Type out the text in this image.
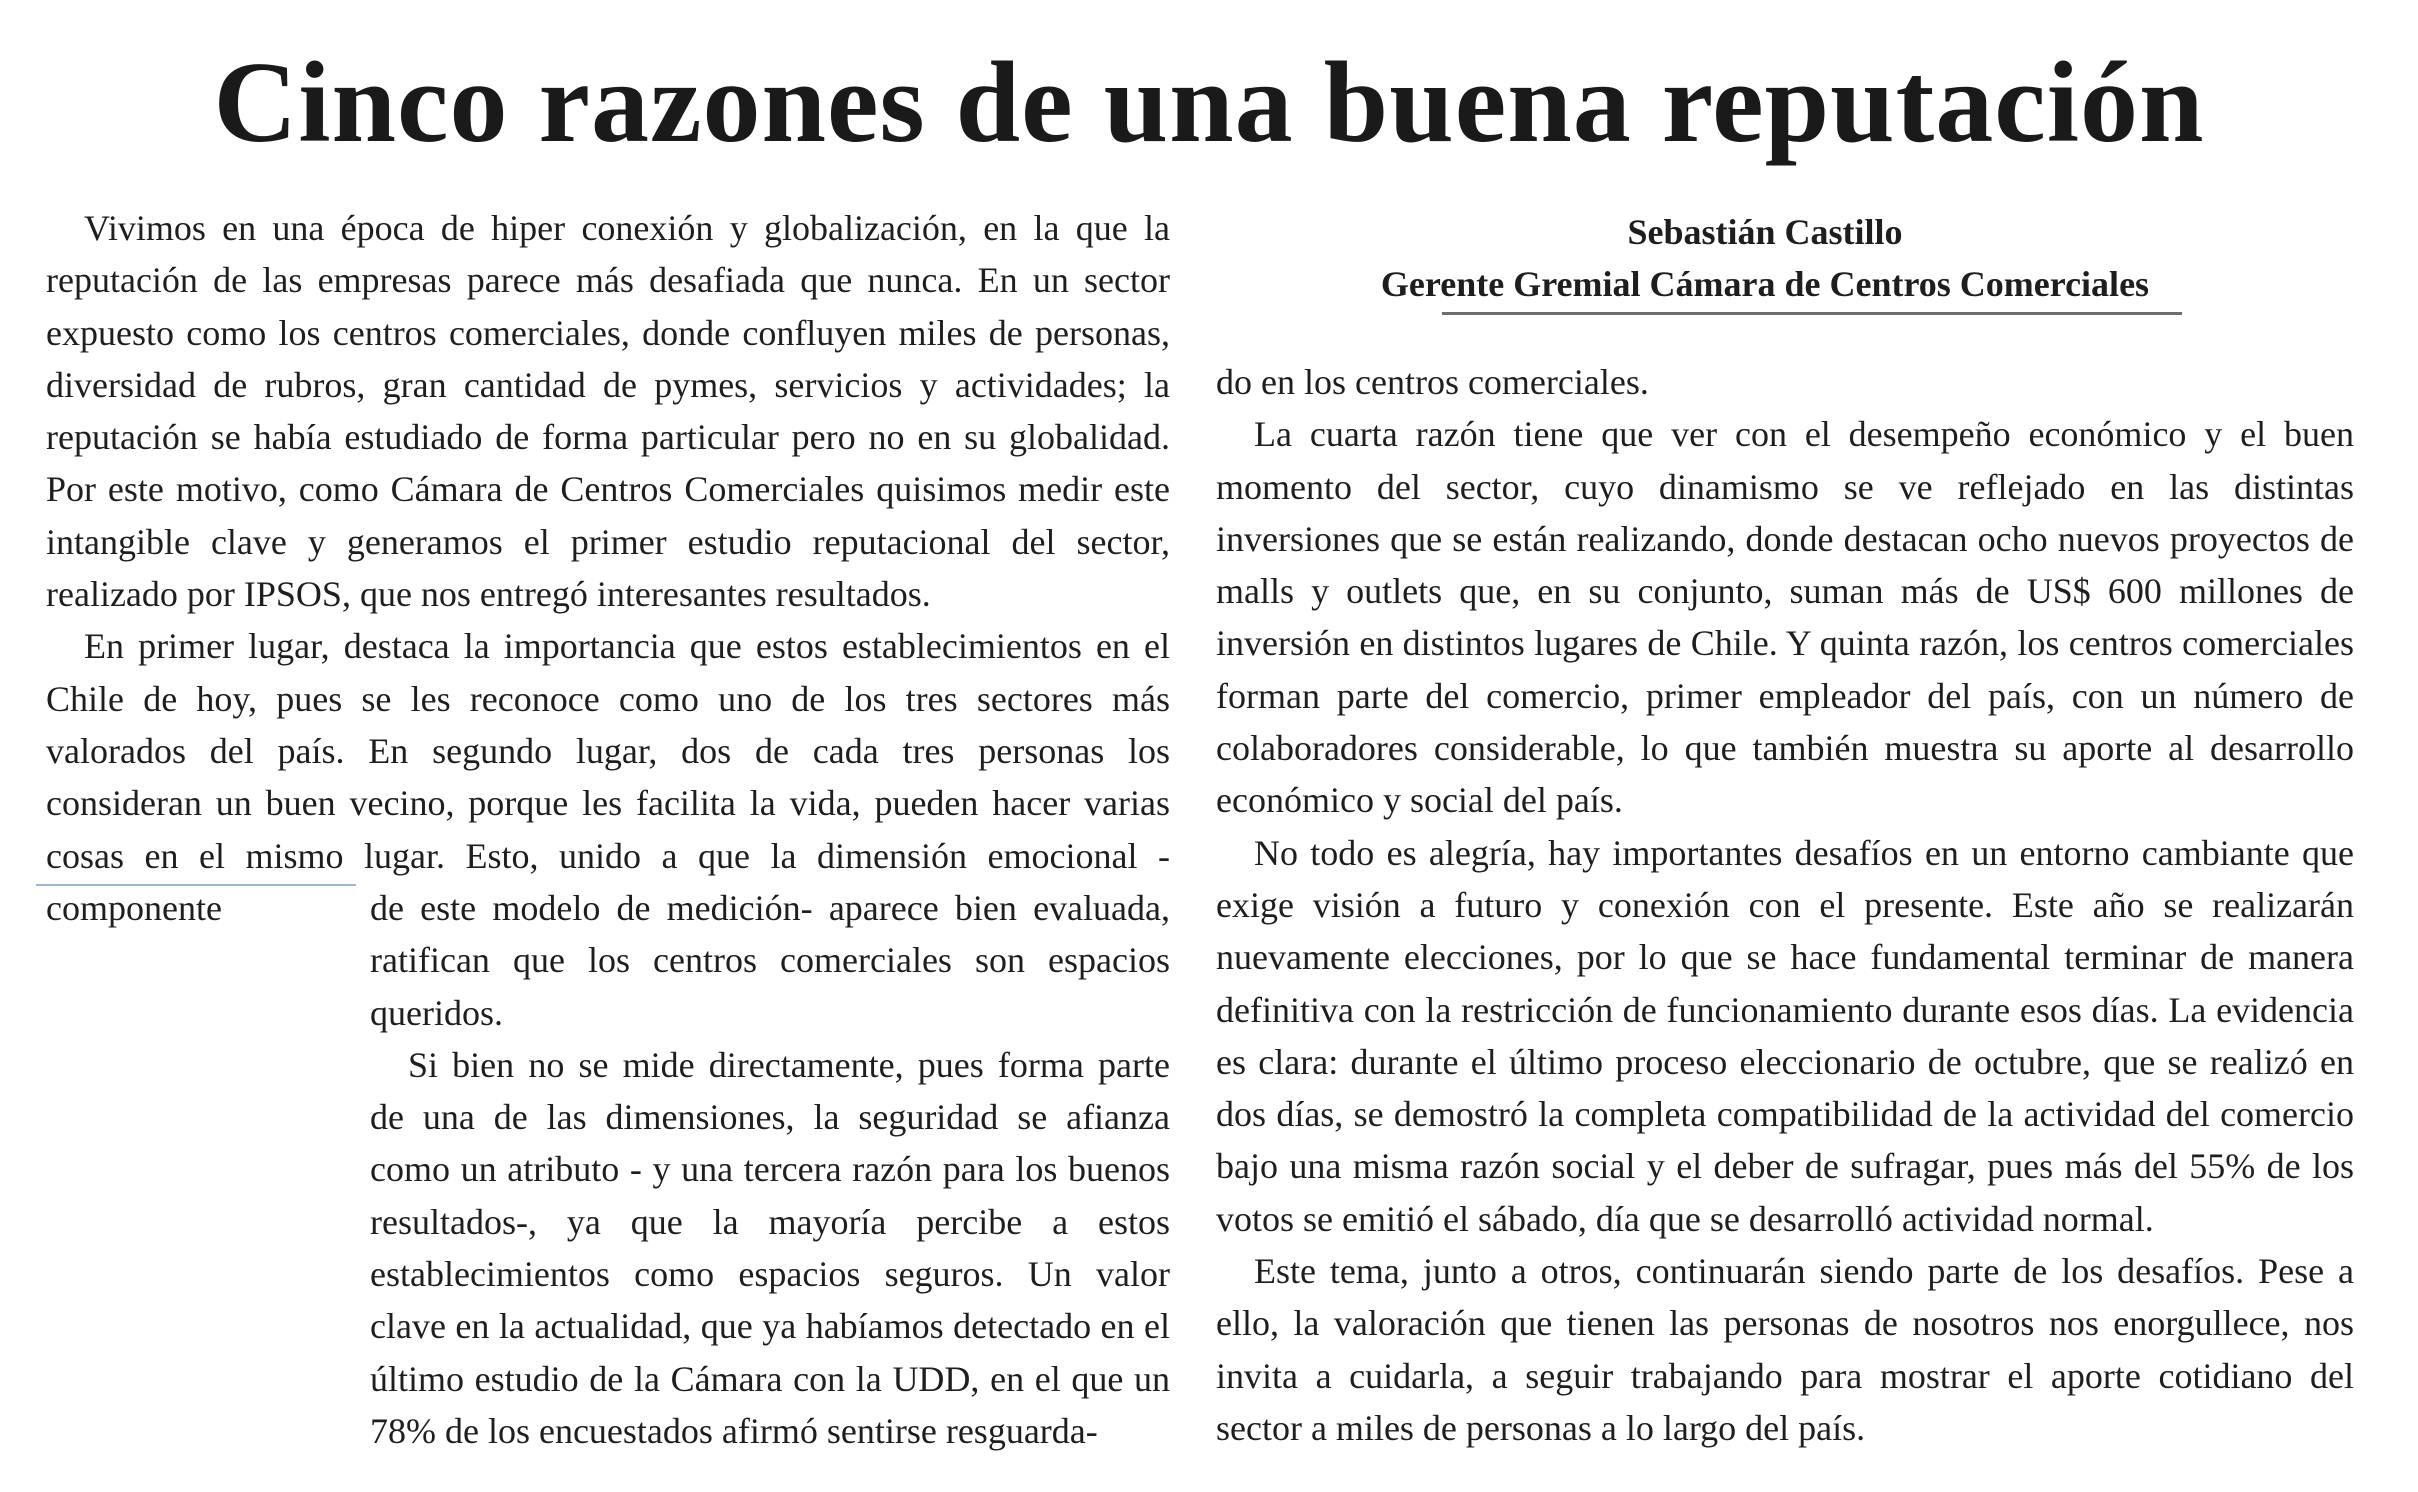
Cinco razones de una buena reputación

Vivimos en una época de hiper conexión y globalización, en la que la reputación de las empresas parece más desafiada que nunca. En un sector expuesto como los centros comerciales, donde confluyen miles de personas, diversidad de rubros, gran cantidad de pymes, servicios y actividades; la reputación se había estudiado de forma particular pero no en su globalidad. Por este motivo, como Cámara de Centros Comerciales quisimos medir este intangible clave y generamos el primer estudio reputacional del sector, realizado por IPSOS, que nos entregó interesantes resultados.

En primer lugar, destaca la importancia que estos establecimientos en el Chile de hoy, pues se les reconoce como uno de los tres sectores más valorados del país. En segundo lugar, dos de cada tres personas los consideran un buen vecino, porque les facilita la vida, pueden hacer varias cosas en el mismo lugar. Esto, unido a que la dimensión emocional -componente	de este modelo de medición- aparece bien evaluada, ratifican que los centros comerciales son espacios queridos.

Si bien no se mide directamente, pues forma parte de una de las dimensiones, la seguridad se afianza como un atributo - y una tercera razón para los buenos resultados-, ya que la mayoría percibe a estos establecimientos como espacios seguros. Un valor clave en la actualidad, que ya habíamos detectado en el último estudio de la Cámara con la UDD, en el que un 78% de los encuestados afirmó sentirse resguarda-

Sebastián Castillo
Gerente Gremial Cámara de Centros Comerciales

do en los centros comerciales.

La cuarta razón tiene que ver con el desempeño económico y el buen momento del sector, cuyo dinamismo se ve reflejado en las distintas inversiones que se están realizando, donde destacan ocho nuevos proyectos de malls y outlets que, en su conjunto, suman más de US$ 600 millones de inversión en distintos lugares de Chile. Y quinta razón, los centros comerciales forman parte del comercio, primer empleador del país, con un número de colaboradores considerable, lo que también muestra su aporte al desarrollo económico y social del país.

No todo es alegría, hay importantes desafíos en un entorno cambiante que exige visión a futuro y conexión con el presente. Este año se realizarán nuevamente elecciones, por lo que se hace fundamental terminar de manera definitiva con la restricción de funcionamiento durante esos días. La evidencia es clara: durante el último proceso eleccionario de octubre, que se realizó en dos días, se demostró la completa compatibilidad de la actividad del comercio bajo una misma razón social y el deber de sufragar, pues más del 55% de los votos se emitió el sábado, día que se desarrolló actividad normal.

Este tema, junto a otros, continuarán siendo parte de los desafíos. Pese a ello, la valoración que tienen las personas de nosotros nos enorgullece, nos invita a cuidarla, a seguir trabajando para mostrar el aporte cotidiano del sector a miles de personas a lo largo del país.
